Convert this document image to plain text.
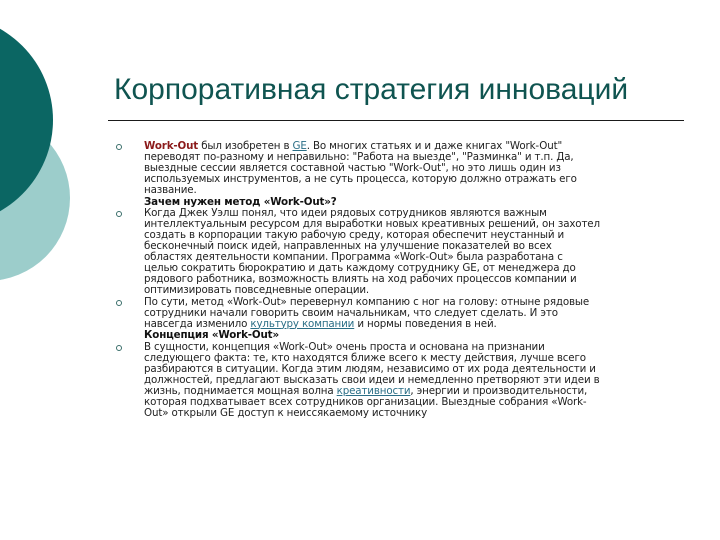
Корпоративная стратегия инноваций
Work-Out был изобретен в GE. Во многих статьях и и даже книгах "Work-Out"
переводят по-разному и неправильно: "Работа на выезде", "Разминка" и т.п. Да,
выездные сессии является составной частью "Work-Out", но это лишь один из
используемых инструментов, а не суть процесса, которую должно отражать его
название.
Зачем нужен метод «Work-Out»?
Когда Джек Уэлш понял, что идеи рядовых сотрудников являются важным
интеллектуальным ресурсом для выработки новых креативных решений, он захотел
создать в корпорации такую рабочую среду, которая обеспечит неустанный и
бесконечный поиск идей, направленных на улучшение показателей во всех
областях деятельности компании. Программа «Work-Out» была разработана с
целью сократить бюрократию и дать каждому сотруднику GE, от менеджера до
рядового работника, возможность влиять на ход рабочих процессов компании и
оптимизировать повседневные операции.
По сути, метод «Work-Out» перевернул компанию с ног на голову: отныне рядовые
сотрудники начали говорить своим начальникам, что следует сделать. И это
навсегда изменило культуру компании и нормы поведения в ней.
Концепция «Work-Out»
В сущности, концепция «Work-Out» очень проста и основана на признании
следующего факта: те, кто находятся ближе всего к месту действия, лучше всего
разбираются в ситуации. Когда этим людям, независимо от их рода деятельности и
должностей, предлагают высказать свои идеи и немедленно претворяют эти идеи в
жизнь, поднимается мощная волна креативности, энергии и производительности,
которая подхватывает всех сотрудников организации. Выездные собрания «Work-
Out» открыли GE доступ к неиссякаемому источнику
